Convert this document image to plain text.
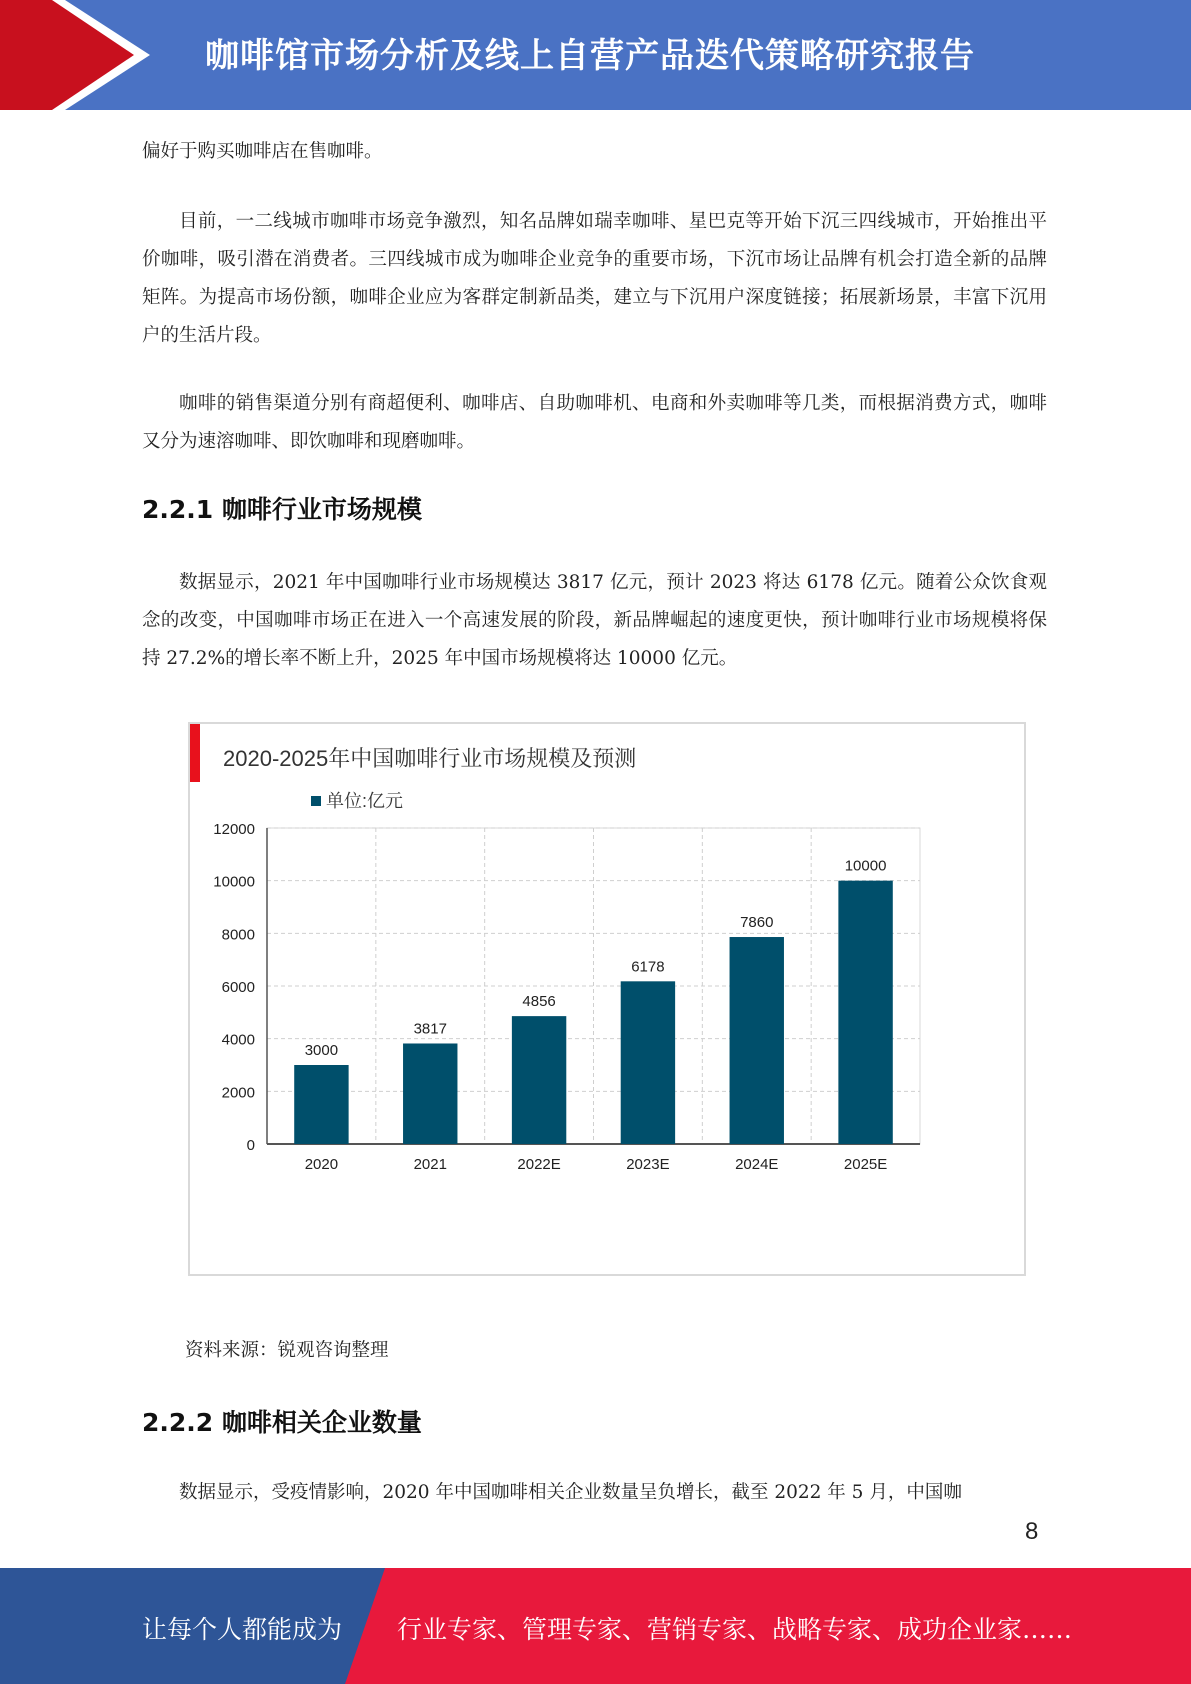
咖啡馆市场分析及线上自营产品迭代策略研究报告
偏好于购买咖啡店在售咖啡。
目前，一二线城市咖啡市场竞争激烈，知名品牌如瑞幸咖啡、星巴克等开始下沉三四线城市，开始推出平价咖啡，吸引潜在消费者。三四线城市成为咖啡企业竞争的重要市场，下沉市场让品牌有机会打造全新的品牌矩阵。为提高市场份额，咖啡企业应为客群定制新品类，建立与下沉用户深度链接；拓展新场景，丰富下沉用户的生活片段。
咖啡的销售渠道分别有商超便利、咖啡店、自助咖啡机、电商和外卖咖啡等几类，而根据消费方式，咖啡又分为速溶咖啡、即饮咖啡和现磨咖啡。
2.2.1 咖啡行业市场规模
数据显示，2021 年中国咖啡行业市场规模达 3817 亿元，预计 2023 将达 6178 亿元。随着公众饮食观念的改变，中国咖啡市场正在进入一个高速发展的阶段，新品牌崛起的速度更快，预计咖啡行业市场规模将保持 27.2%的增长率不断上升，2025 年中国市场规模将达 10000 亿元。
2020-2025年中国咖啡行业市场规模及预测
单位:亿元
0
2000
4000
6000
8000
10000
12000
3000
2020
3817
2021
4856
2022E
6178
2023E
7860
2024E
10000
2025E
资料来源：锐观咨询整理
2.2.2 咖啡相关企业数量
数据显示，受疫情影响，2020 年中国咖啡相关企业数量呈负增长，截至 2022 年 5 月，中国咖
8
让每个人都能成为 行业专家、管理专家、营销专家、战略专家、成功企业家……
